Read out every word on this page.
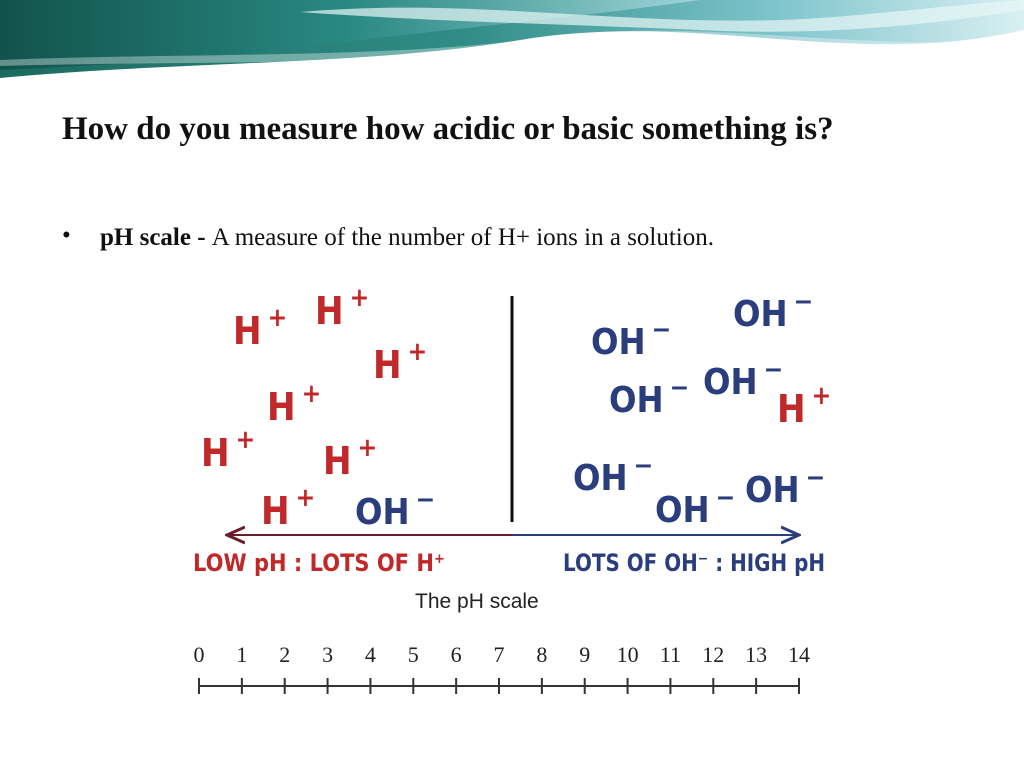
How do you measure how acidic or basic something is?
• pH scale - A measure of the number of H+ ions in a solution.
H + H +
H +
H +
H + H +
H + OH −
OH − OH −
OH − OH −
H +
OH −
OH − OH −
LOW pH : LOTS OF H⁺	LOTS OF OH⁻ : HIGH pH
The pH scale
0 1 2 3 4 5 6 7 8 9 10 11 12 13 14
